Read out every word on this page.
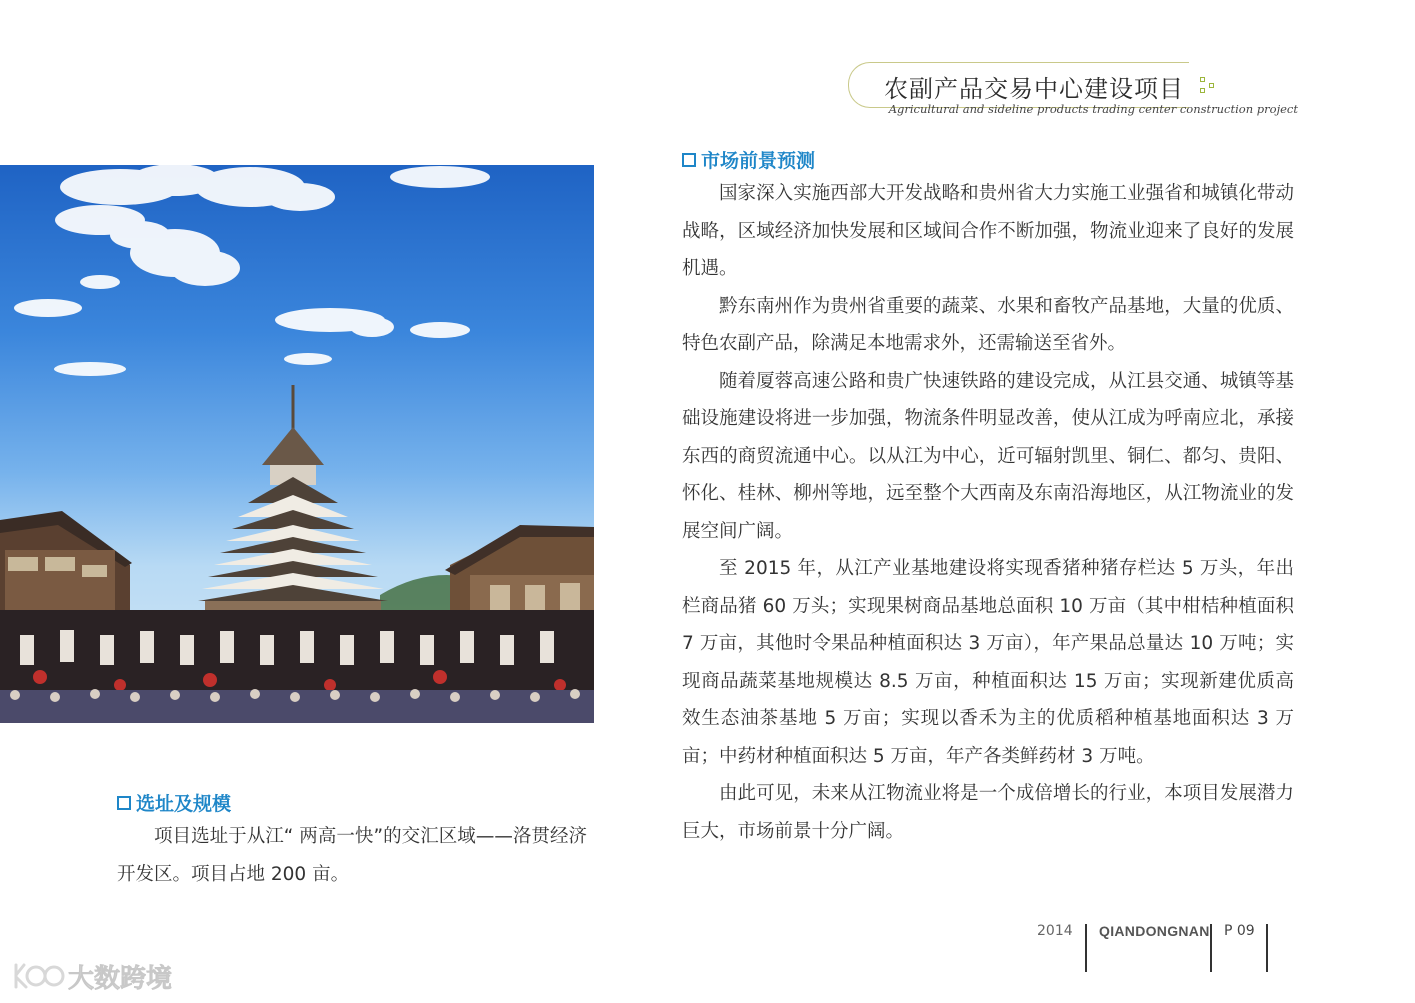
农副产品交易中心建设项目
Agricultural and sideline products trading center construction project
市场前景预测

国家深入实施西部大开发战略和贵州省大力实施工业强省和城镇化带动战略，区域经济加快发展和区域间合作不断加强，物流业迎来了良好的发展机遇。

黔东南州作为贵州省重要的蔬菜、水果和畜牧产品基地，大量的优质、特色农副产品，除满足本地需求外，还需输送至省外。

随着厦蓉高速公路和贵广快速铁路的建设完成，从江县交通、城镇等基础设施建设将进一步加强，物流条件明显改善，使从江成为呼南应北，承接东西的商贸流通中心。以从江为中心，近可辐射凯里、铜仁、都匀、贵阳、怀化、桂林、柳州等地，远至整个大西南及东南沿海地区，从江物流业的发展空间广阔。

至 2015 年，从江产业基地建设将实现香猪种猪存栏达 5 万头，年出栏商品猪 60 万头；实现果树商品基地总面积 10 万亩（其中柑桔种植面积 7 万亩，其他时令果品种植面积达 3 万亩），年产果品总量达 10 万吨；实现商品蔬菜基地规模达 8.5 万亩，种植面积达 15 万亩；实现新建优质高效生态油茶基地 5 万亩；实现以香禾为主的优质稻种植基地面积达 3 万亩；中药材种植面积达 5 万亩，年产各类鲜药材 3 万吨。

由此可见，未来从江物流业将是一个成倍增长的行业，本项目发展潜力巨大，市场前景十分广阔。

选址及规模

项目选址于从江“ 两高一快”的交汇区域——洛贯经济开发区。项目占地 200 亩。

2014 QIANDONGNAN P 09
大数跨境
